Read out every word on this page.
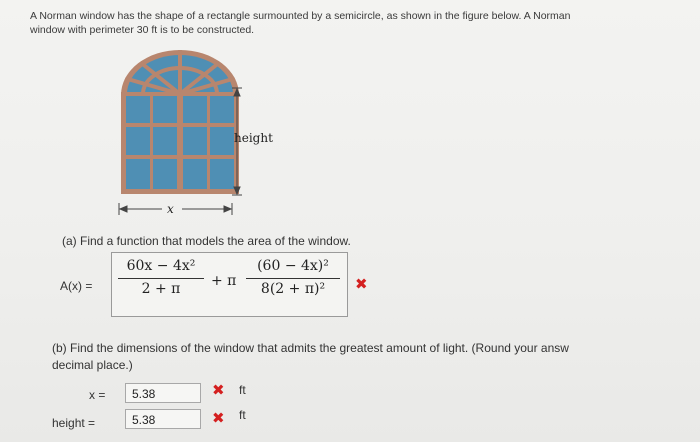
A Norman window has the shape of a rectangle surmounted by a semicircle, as shown in the figure below. A Norman
window with perimeter 30 ft is to be constructed.
height
x
(a) Find a function that models the area of the window.
A(x) =
60x − 4x²
2 + π	+ π
(60 − 4x)²
8(2 + π)²	✖
(b) Find the dimensions of the window that admits the greatest amount of light. (Round your answ
decimal place.)
x =	5.38	✖ ft
height =	5.38	✖ ft
